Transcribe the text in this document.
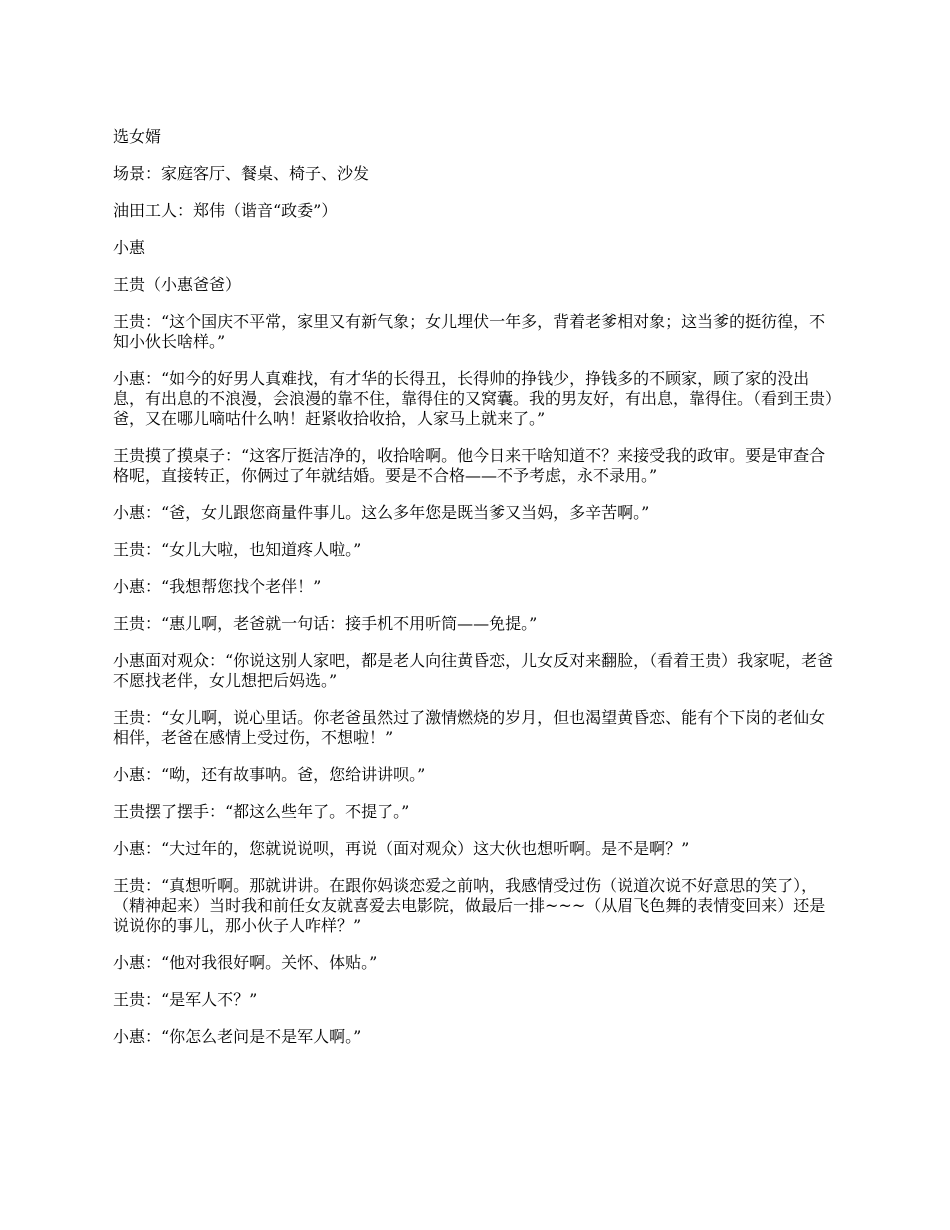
选女婿

场景：家庭客厅、餐桌、椅子、沙发

油田工人：郑伟（谐音“政委”）

小惠

王贵（小惠爸爸）

王贵：“这个国庆不平常，家里又有新气象；女儿埋伏一年多，背着老爹相对象；这当爹的挺彷徨，不知小伙长啥样。”

小惠：“如今的好男人真难找，有才华的长得丑，长得帅的挣钱少，挣钱多的不顾家，顾了家的没出息，有出息的不浪漫，会浪漫的靠不住，靠得住的又窝囊。我的男友好，有出息，靠得住。（看到王贵）爸，又在哪儿嘀咕什么呐！赶紧收拾收拾，人家马上就来了。”

王贵摸了摸桌子：“这客厅挺洁净的，收拾啥啊。他今日来干啥知道不？来接受我的政审。要是审查合格呢，直接转正，你俩过了年就结婚。要是不合格——不予考虑，永不录用。”

小惠：“爸，女儿跟您商量件事儿。这么多年您是既当爹又当妈，多辛苦啊。”

王贵：“女儿大啦，也知道疼人啦。”

小惠：“我想帮您找个老伴！”

王贵：“惠儿啊，老爸就一句话：接手机不用听筒——免提。”

小惠面对观众：“你说这别人家吧，都是老人向往黄昏恋，儿女反对来翻脸，（看着王贵）我家呢，老爸不愿找老伴，女儿想把后妈选。”

王贵：“女儿啊，说心里话。你老爸虽然过了激情燃烧的岁月，但也渴望黄昏恋、能有个下岗的老仙女相伴，老爸在感情上受过伤，不想啦！”

小惠：“呦，还有故事呐。爸，您给讲讲呗。”

王贵摆了摆手：“都这么些年了。不提了。”

小惠：“大过年的，您就说说呗，再说（面对观众）这大伙也想听啊。是不是啊？”

王贵：“真想听啊。那就讲讲。在跟你妈谈恋爱之前呐，我感情受过伤（说道次说不好意思的笑了），（精神起来）当时我和前任女友就喜爱去电影院，做最后一排~~~（从眉飞色舞的表情变回来）还是说说你的事儿，那小伙子人咋样？”

小惠：“他对我很好啊。关怀、体贴。”

王贵：“是军人不？”

小惠：“你怎么老问是不是军人啊。”
